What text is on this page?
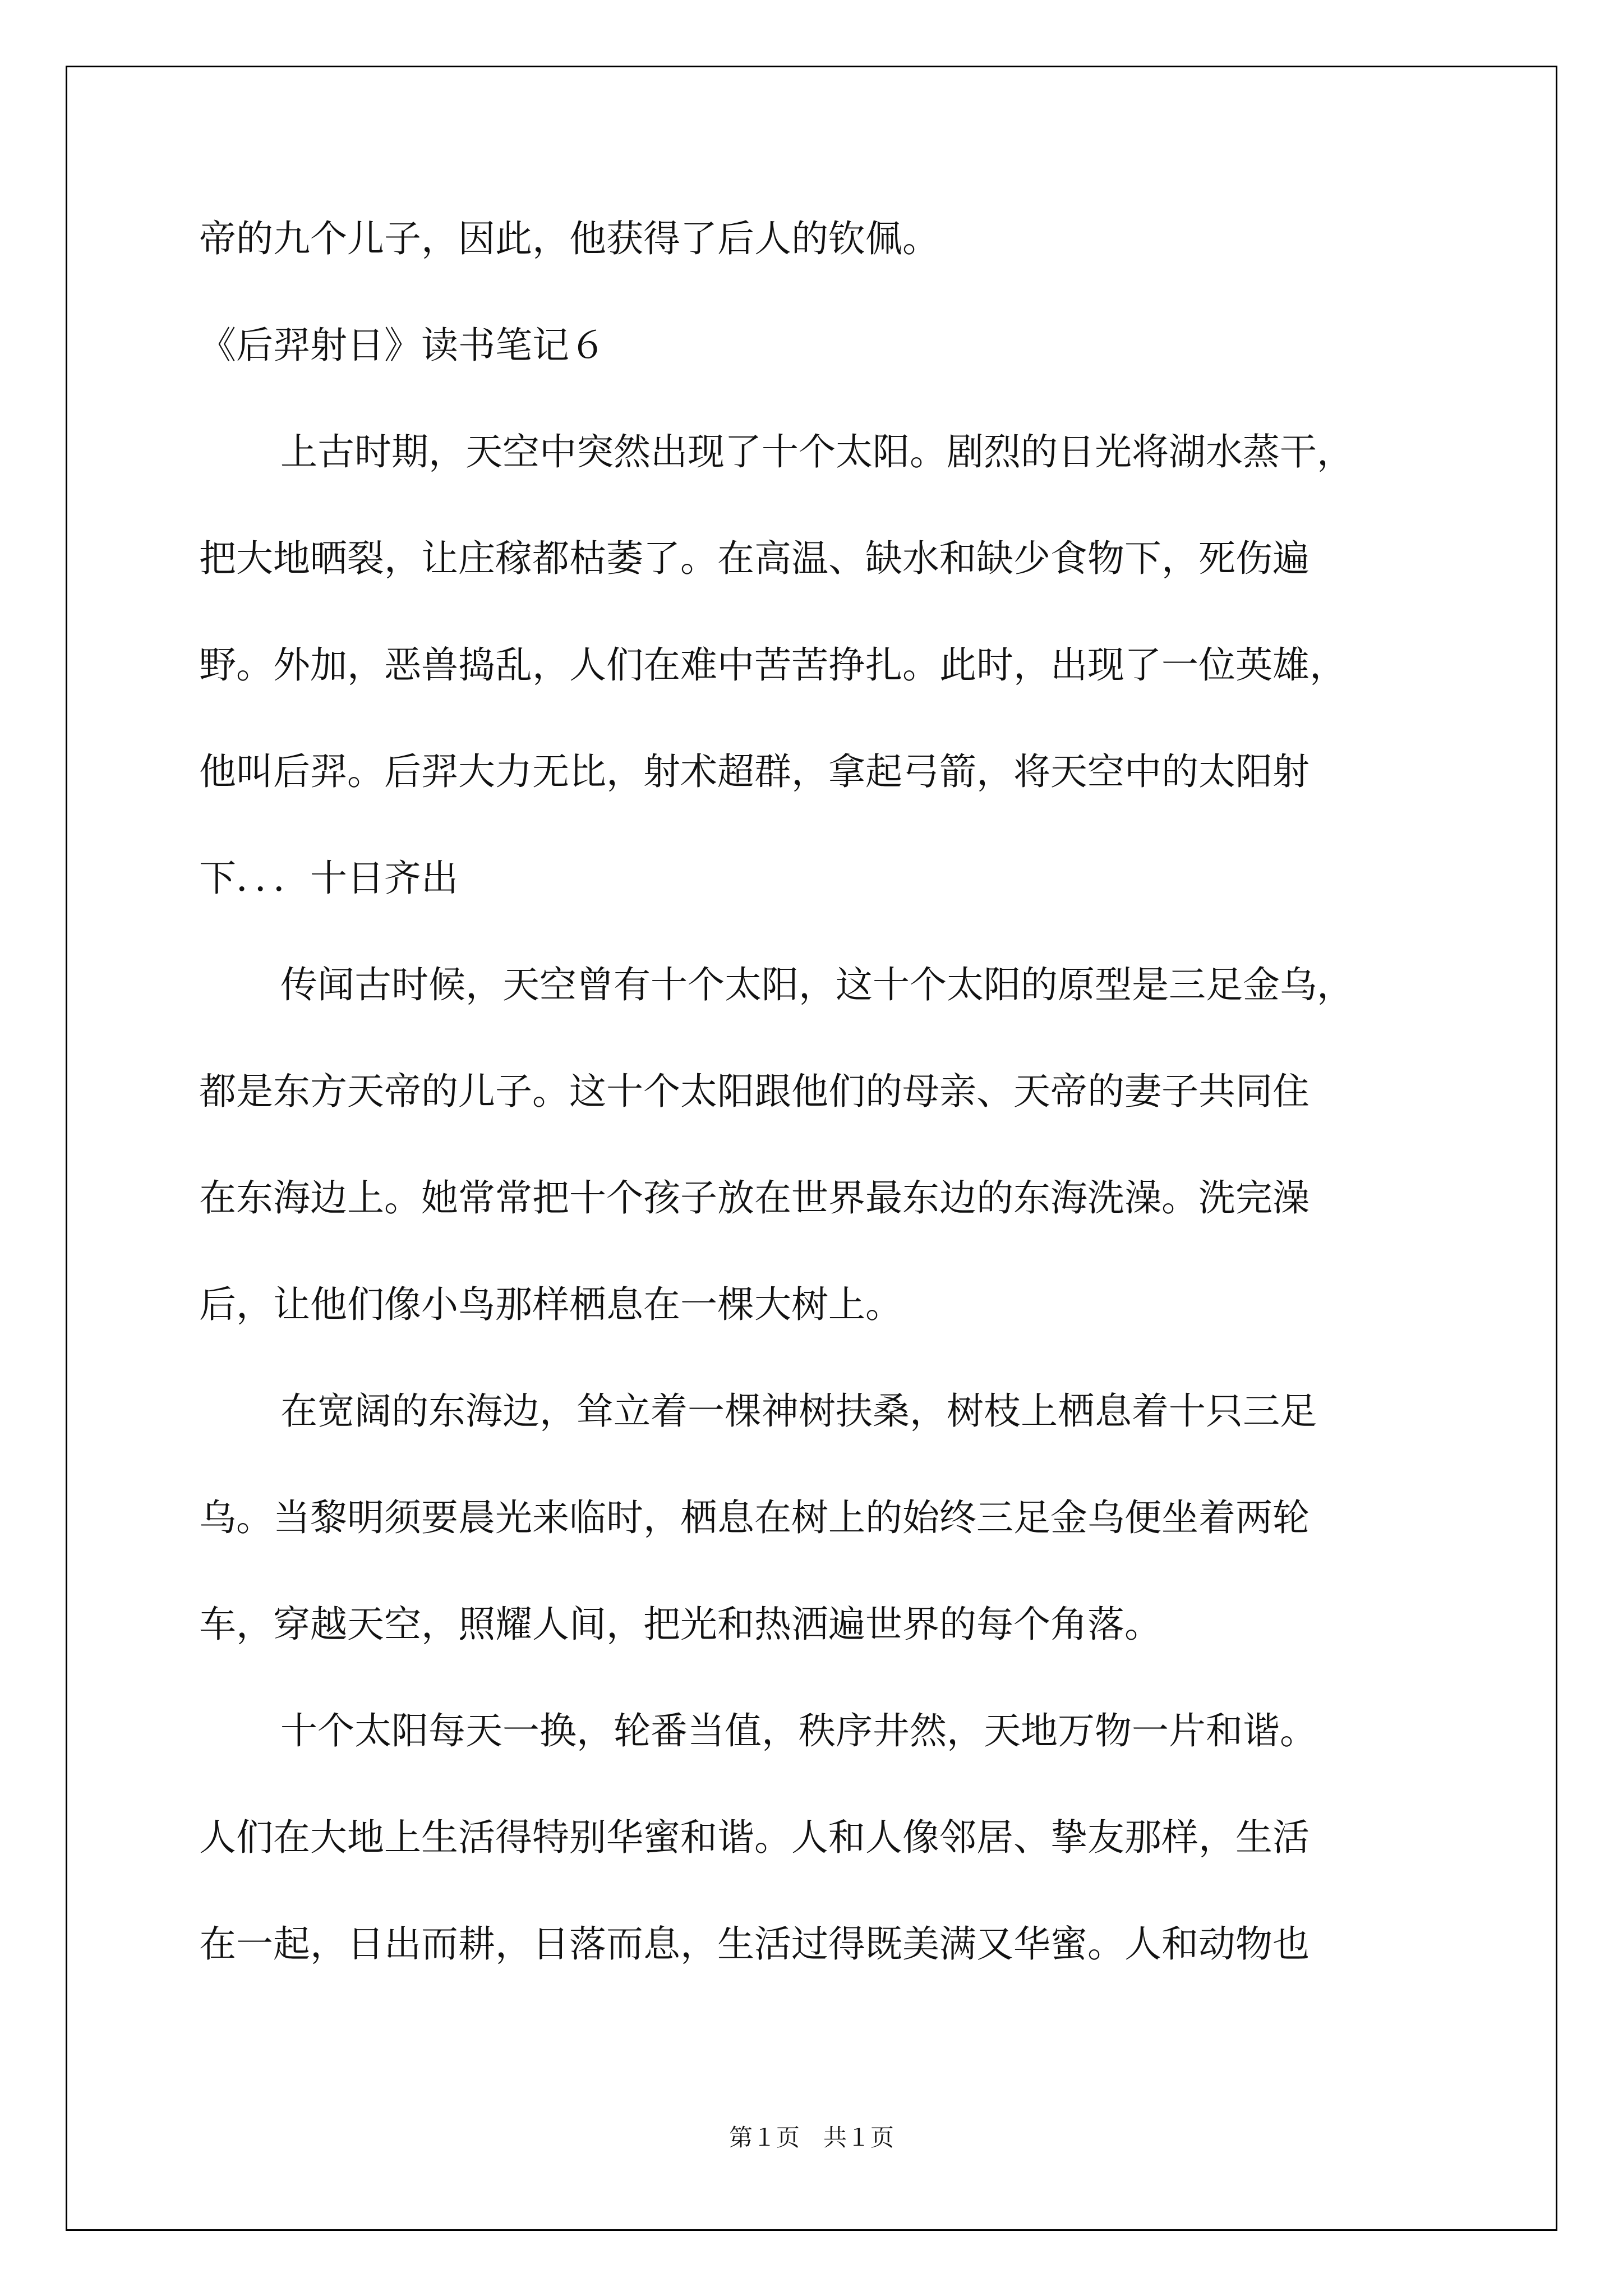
帝的九个儿子，因此，他获得了后人的钦佩。

《后羿射日》读书笔记６

上古时期，天空中突然出现了十个太阳。剧烈的日光将湖水蒸干，

把大地晒裂，让庄稼都枯萎了。在高温、缺水和缺少食物下，死伤遍

野。外加，恶兽捣乱，人们在难中苦苦挣扎。此时，出现了一位英雄，

他叫后羿。后羿大力无比，射术超群，拿起弓箭，将天空中的太阳射

下．．．十日齐出

传闻古时候，天空曾有十个太阳，这十个太阳的原型是三足金乌，

都是东方天帝的儿子。这十个太阳跟他们的母亲、天帝的妻子共同住

在东海边上。她常常把十个孩子放在世界最东边的东海洗澡。洗完澡

后，让他们像小鸟那样栖息在一棵大树上。

在宽阔的东海边，耸立着一棵神树扶桑，树枝上栖息着十只三足

乌。当黎明须要晨光来临时，栖息在树上的始终三足金乌便坐着两轮

车，穿越天空，照耀人间，把光和热洒遍世界的每个角落。

十个太阳每天一换，轮番当值，秩序井然，天地万物一片和谐。

人们在大地上生活得特别华蜜和谐。人和人像邻居、挚友那样，生活

在一起，日出而耕，日落而息，生活过得既美满又华蜜。人和动物也

第１页　共１页
